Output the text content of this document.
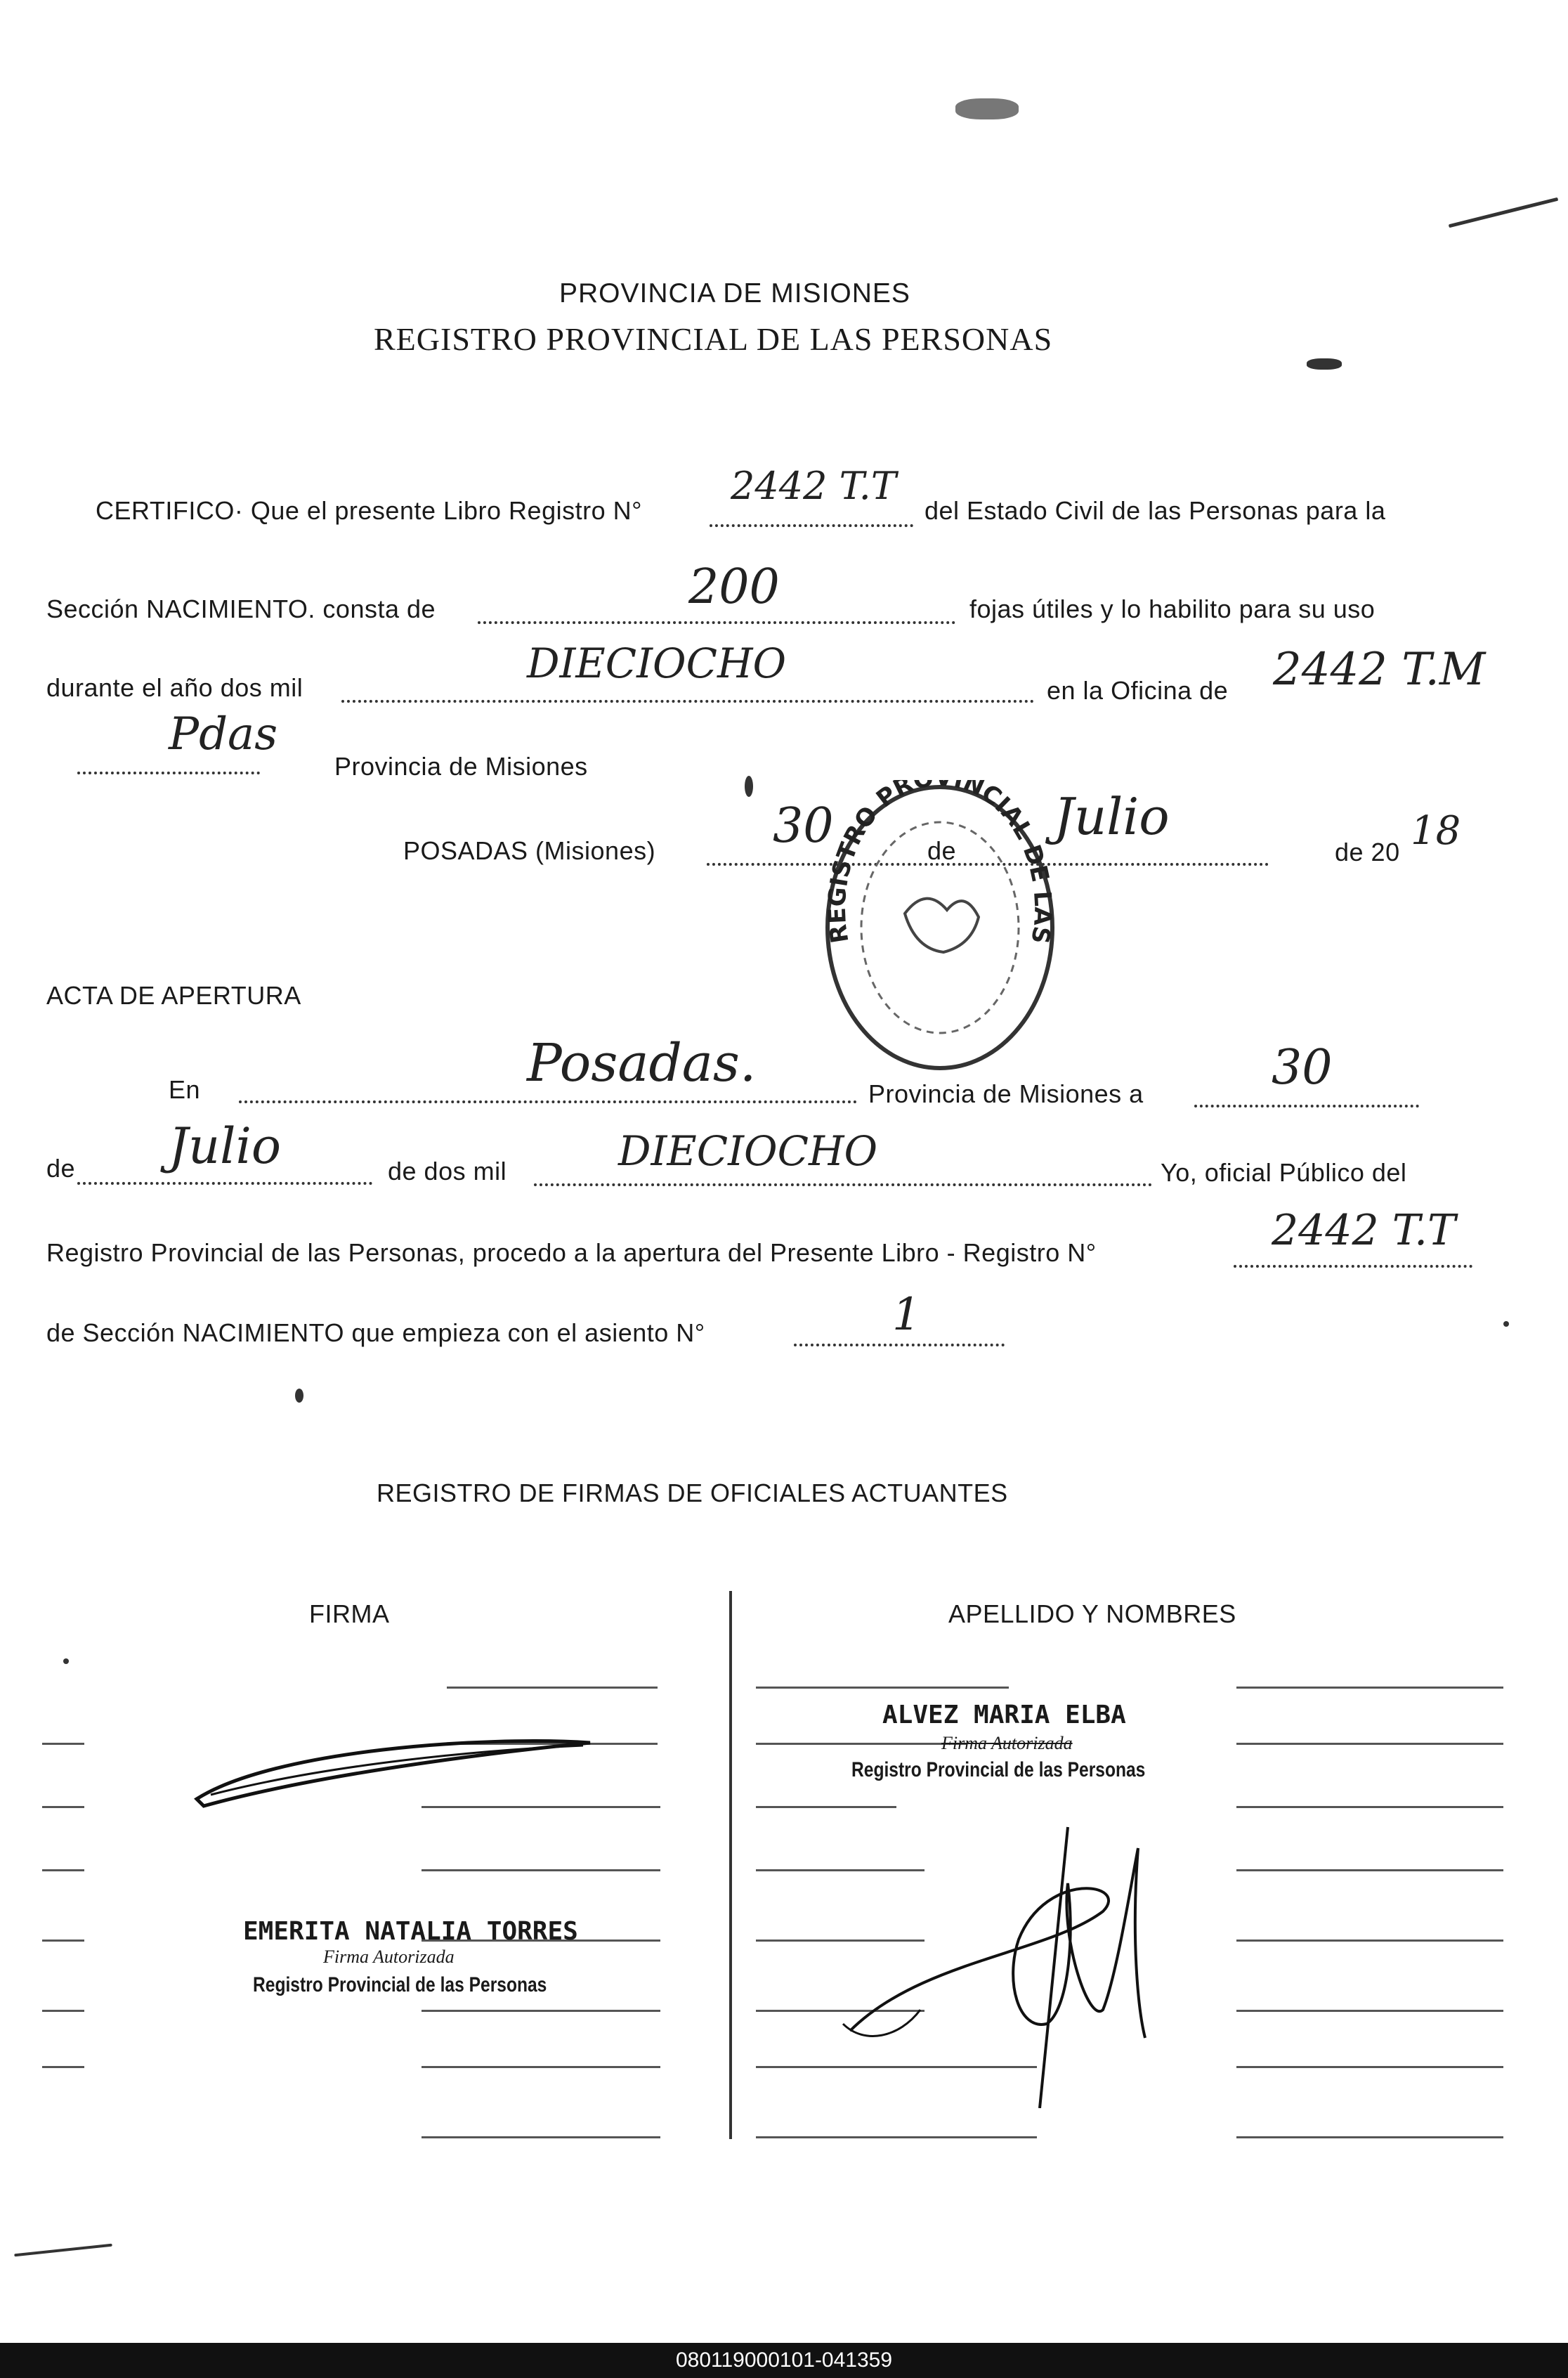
PROVINCIA DE MISIONES
REGISTRO PROVINCIAL DE LAS PERSONAS
CERTIFICO· Que el presente Libro Registro N°
2442 T.T
del Estado Civil de las Personas para la
Sección NACIMIENTO. consta de	200	fojas útiles y lo habilito para su uso
durante el año dos mil
DIECIOCHO
en la Oficina de 2442 T.M
Pdas
Provincia de Misiones
POSADAS (Misiones) 30	de
Julio
de 20 18
REGISTRO PR NCIAL DE LAS
ACTA DE APERTURA
En	Posadas.
Provincia de Misiones a	30
de Julio	de dos mil	DIECIOCHO	Yo, oficial Público del
Registro Provincial de las Personas, procedo a la apertura del Presente Libro - Registro N°	2442 T.T
de Sección NACIMIENTO que empieza con el asiento N°	1
REGISTRO DE FIRMAS DE OFICIALES ACTUANTES
FIRMA	APELLIDO Y NOMBRES
EMERITA NATALIA TORRES
Firma Autorizada
Registro Provincial de las Personas
ALVEZ MARIA ELBA
Firma Autorizada
Registro Provincial de las Personas
080119000101-041359
